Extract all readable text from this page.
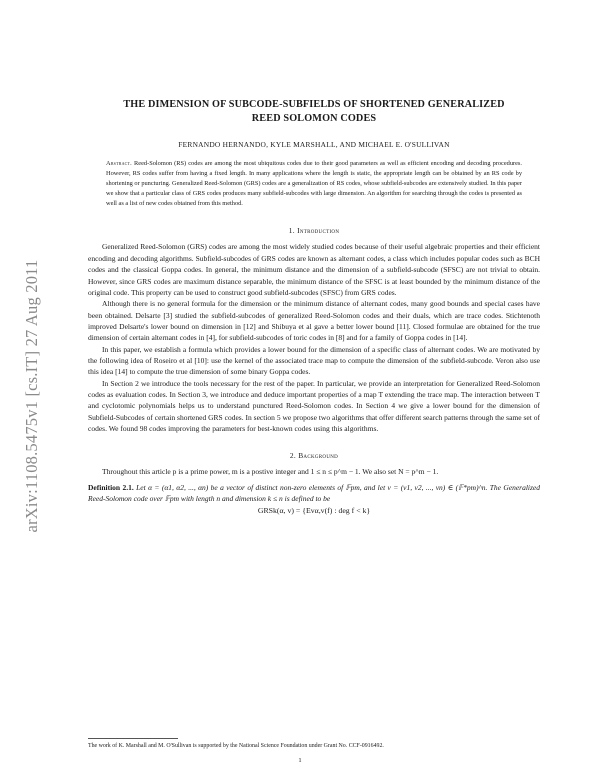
arXiv:1108.5475v1 [cs.IT] 27 Aug 2011
THE DIMENSION OF SUBCODE-SUBFIELDS OF SHORTENED GENERALIZED
REED SOLOMON CODES
FERNANDO HERNANDO, KYLE MARSHALL, AND MICHAEL E. O'SULLIVAN
Abstract. Reed-Solomon (RS) codes are among the most ubiquitous codes due to their good parameters as well as efficient encoding and decoding procedures. However, RS codes suffer from having a fixed length. In many applications where the length is static, the appropriate length can be obtained by an RS code by shortening or puncturing. Generalized Reed-Solomon (GRS) codes are a generalization of RS codes, whose subfield-subcodes are extensively studied. In this paper we show that a particular class of GRS codes produces many subfield-subcodes with large dimension. An algorithm for searching through the codes is presented as well as a list of new codes obtained from this method.
1. Introduction

Generalized Reed-Solomon (GRS) codes are among the most widely studied codes because of their useful algebraic properties and their efficient encoding and decoding algorithms. Subfield-subcodes of GRS codes are known as alternant codes, a class which includes popular codes such as BCH codes and the classical Goppa codes. In general, the minimum distance and the dimension of a subfield-subcode (SFSC) are not trivial to obtain. However, since GRS codes are maximum distance separable, the minimum distance of the SFSC is at least bounded by the minimum distance of the original code. This property can be used to construct good subfield-subcodes (SFSC) from GRS codes.

Although there is no general formula for the dimension or the minimum distance of alternant codes, many good bounds and special cases have been obtained. Delsarte [3] studied the subfield-subcodes of generalized Reed-Solomon codes and their duals, which are trace codes. Stichtenoth improved Delsarte's lower bound on dimension in [12] and Shibuya et al gave a better lower bound [11]. Closed formulae are obtained for the true dimension of certain alternant codes in [4], for subfield-subcodes of toric codes in [8] and for a family of Goppa codes in [14].

In this paper, we establish a formula which provides a lower bound for the dimension of a specific class of alternant codes. We are motivated by the following idea of Roseiro et al [10]: use the kernel of the associated trace map to compute the dimension of the subfield-subcode. Veron also use this idea [14] to compute the true dimension of some binary Goppa codes.

In Section 2 we introduce the tools necessary for the rest of the paper. In particular, we provide an interpretation for Generalized Reed-Solomon codes as evaluation codes. In Section 3, we introduce and deduce important properties of a map T extending the trace map. The interaction between T and cyclotomic polynomials helps us to understand punctured Reed-Solomon codes. In Section 4 we give a lower bound for the dimension of Subfield-Subcodes of certain shortened GRS codes. In section 5 we propose two algorithms that offer different search patterns through the same set of codes. We found 98 codes improving the parameters for best-known codes using this algorithms.

2. Background

Throughout this article p is a prime power, m is a postive integer and 1 ≤ n ≤ p^m − 1. We also set N = p^m − 1.

Definition 2.1. Let α = (α1, α2, ..., αn) be a vector of distinct non-zero elements of 𝔽pm, and let v = (v1, v2, ..., vn) ∈ (𝔽*pm)^n. The Generalized Reed-Solomon code over 𝔽pm with length n and dimension k ≤ n is defined to be
GRSk(α, v) = {Evα,v(f) : deg f < k}
The work of K. Marshall and M. O'Sullivan is supported by the National Science Foundation under Grant No. CCF-0916492.
1
